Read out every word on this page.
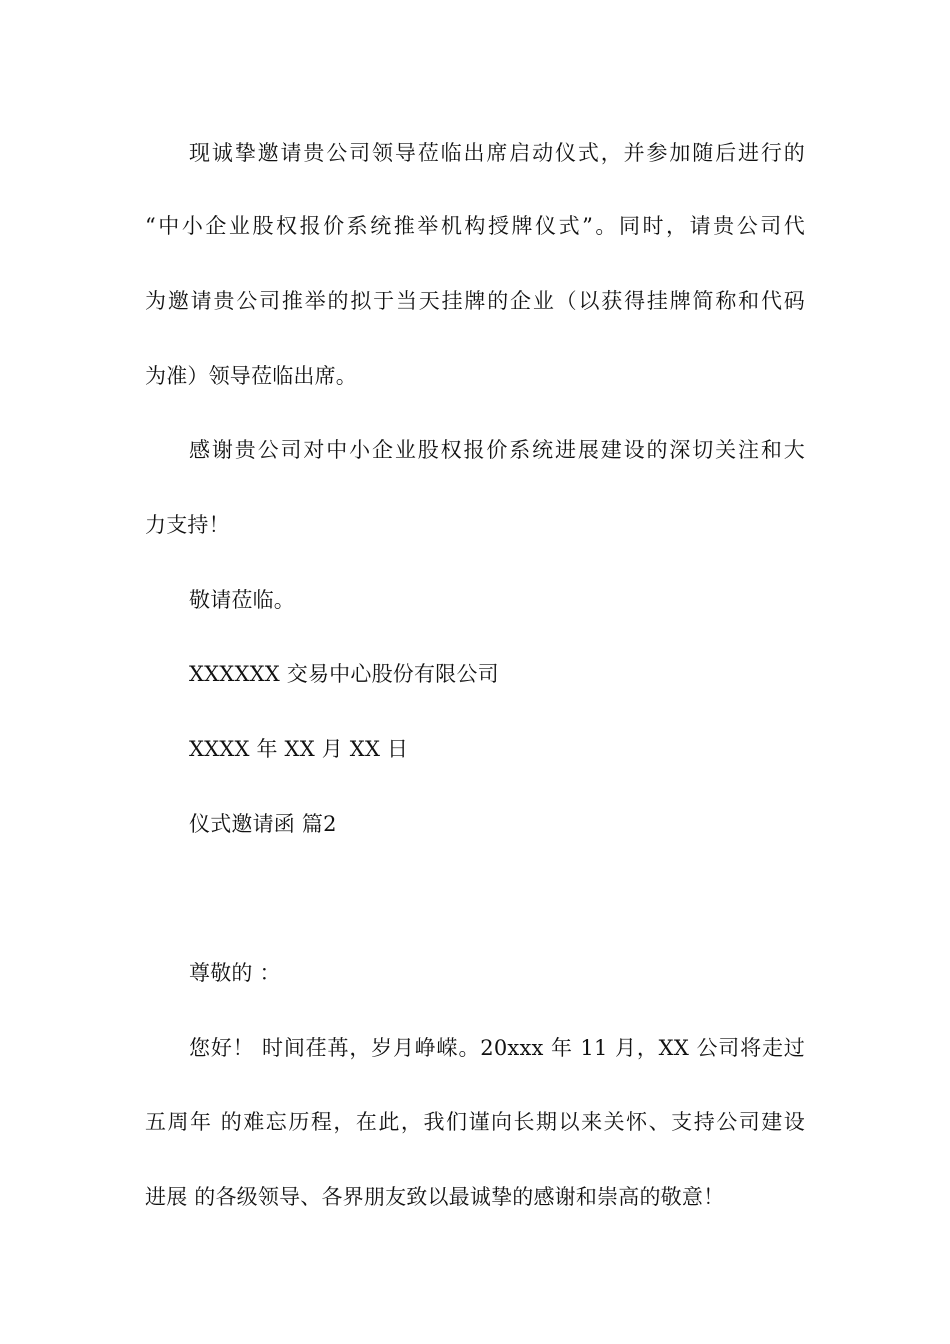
现诚挚邀请贵公司领导莅临出席启动仪式，并参加随后进行的
“中小企业股权报价系统推举机构授牌仪式”。同时，请贵公司代
为邀请贵公司推举的拟于当天挂牌的企业（以获得挂牌简称和代码
为准）领导莅临出席。
感谢贵公司对中小企业股权报价系统进展建设的深切关注和大
力支持！
敬请莅临。
XXXXXX 交易中心股份有限公司
XXXX 年 XX 月 XX 日
仪式邀请函 篇2
尊敬的 ：
您好！ 时间荏苒，岁月峥嵘。20xxx 年 11 月，XX 公司将走过
五周年 的难忘历程，在此，我们谨向长期以来关怀、支持公司建设
进展 的各级领导、各界朋友致以最诚挚的感谢和崇高的敬意！
